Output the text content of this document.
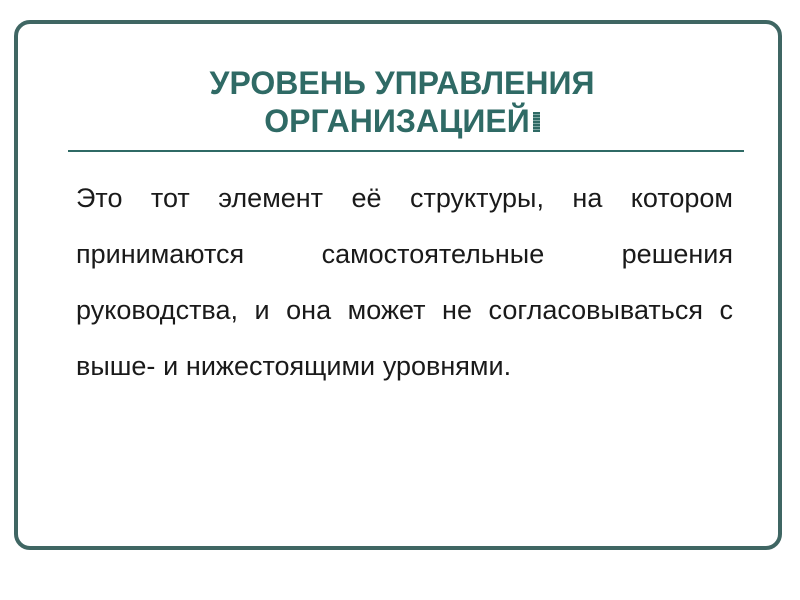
УРОВЕНЬ УПРАВЛЕНИЯ
ОРГАНИЗАЦИЕЙ

Это тот элемент её структуры, на котором принимаются самостоятельные решения руководства, и она может не согласовываться с выше- и нижестоящими уровнями.
